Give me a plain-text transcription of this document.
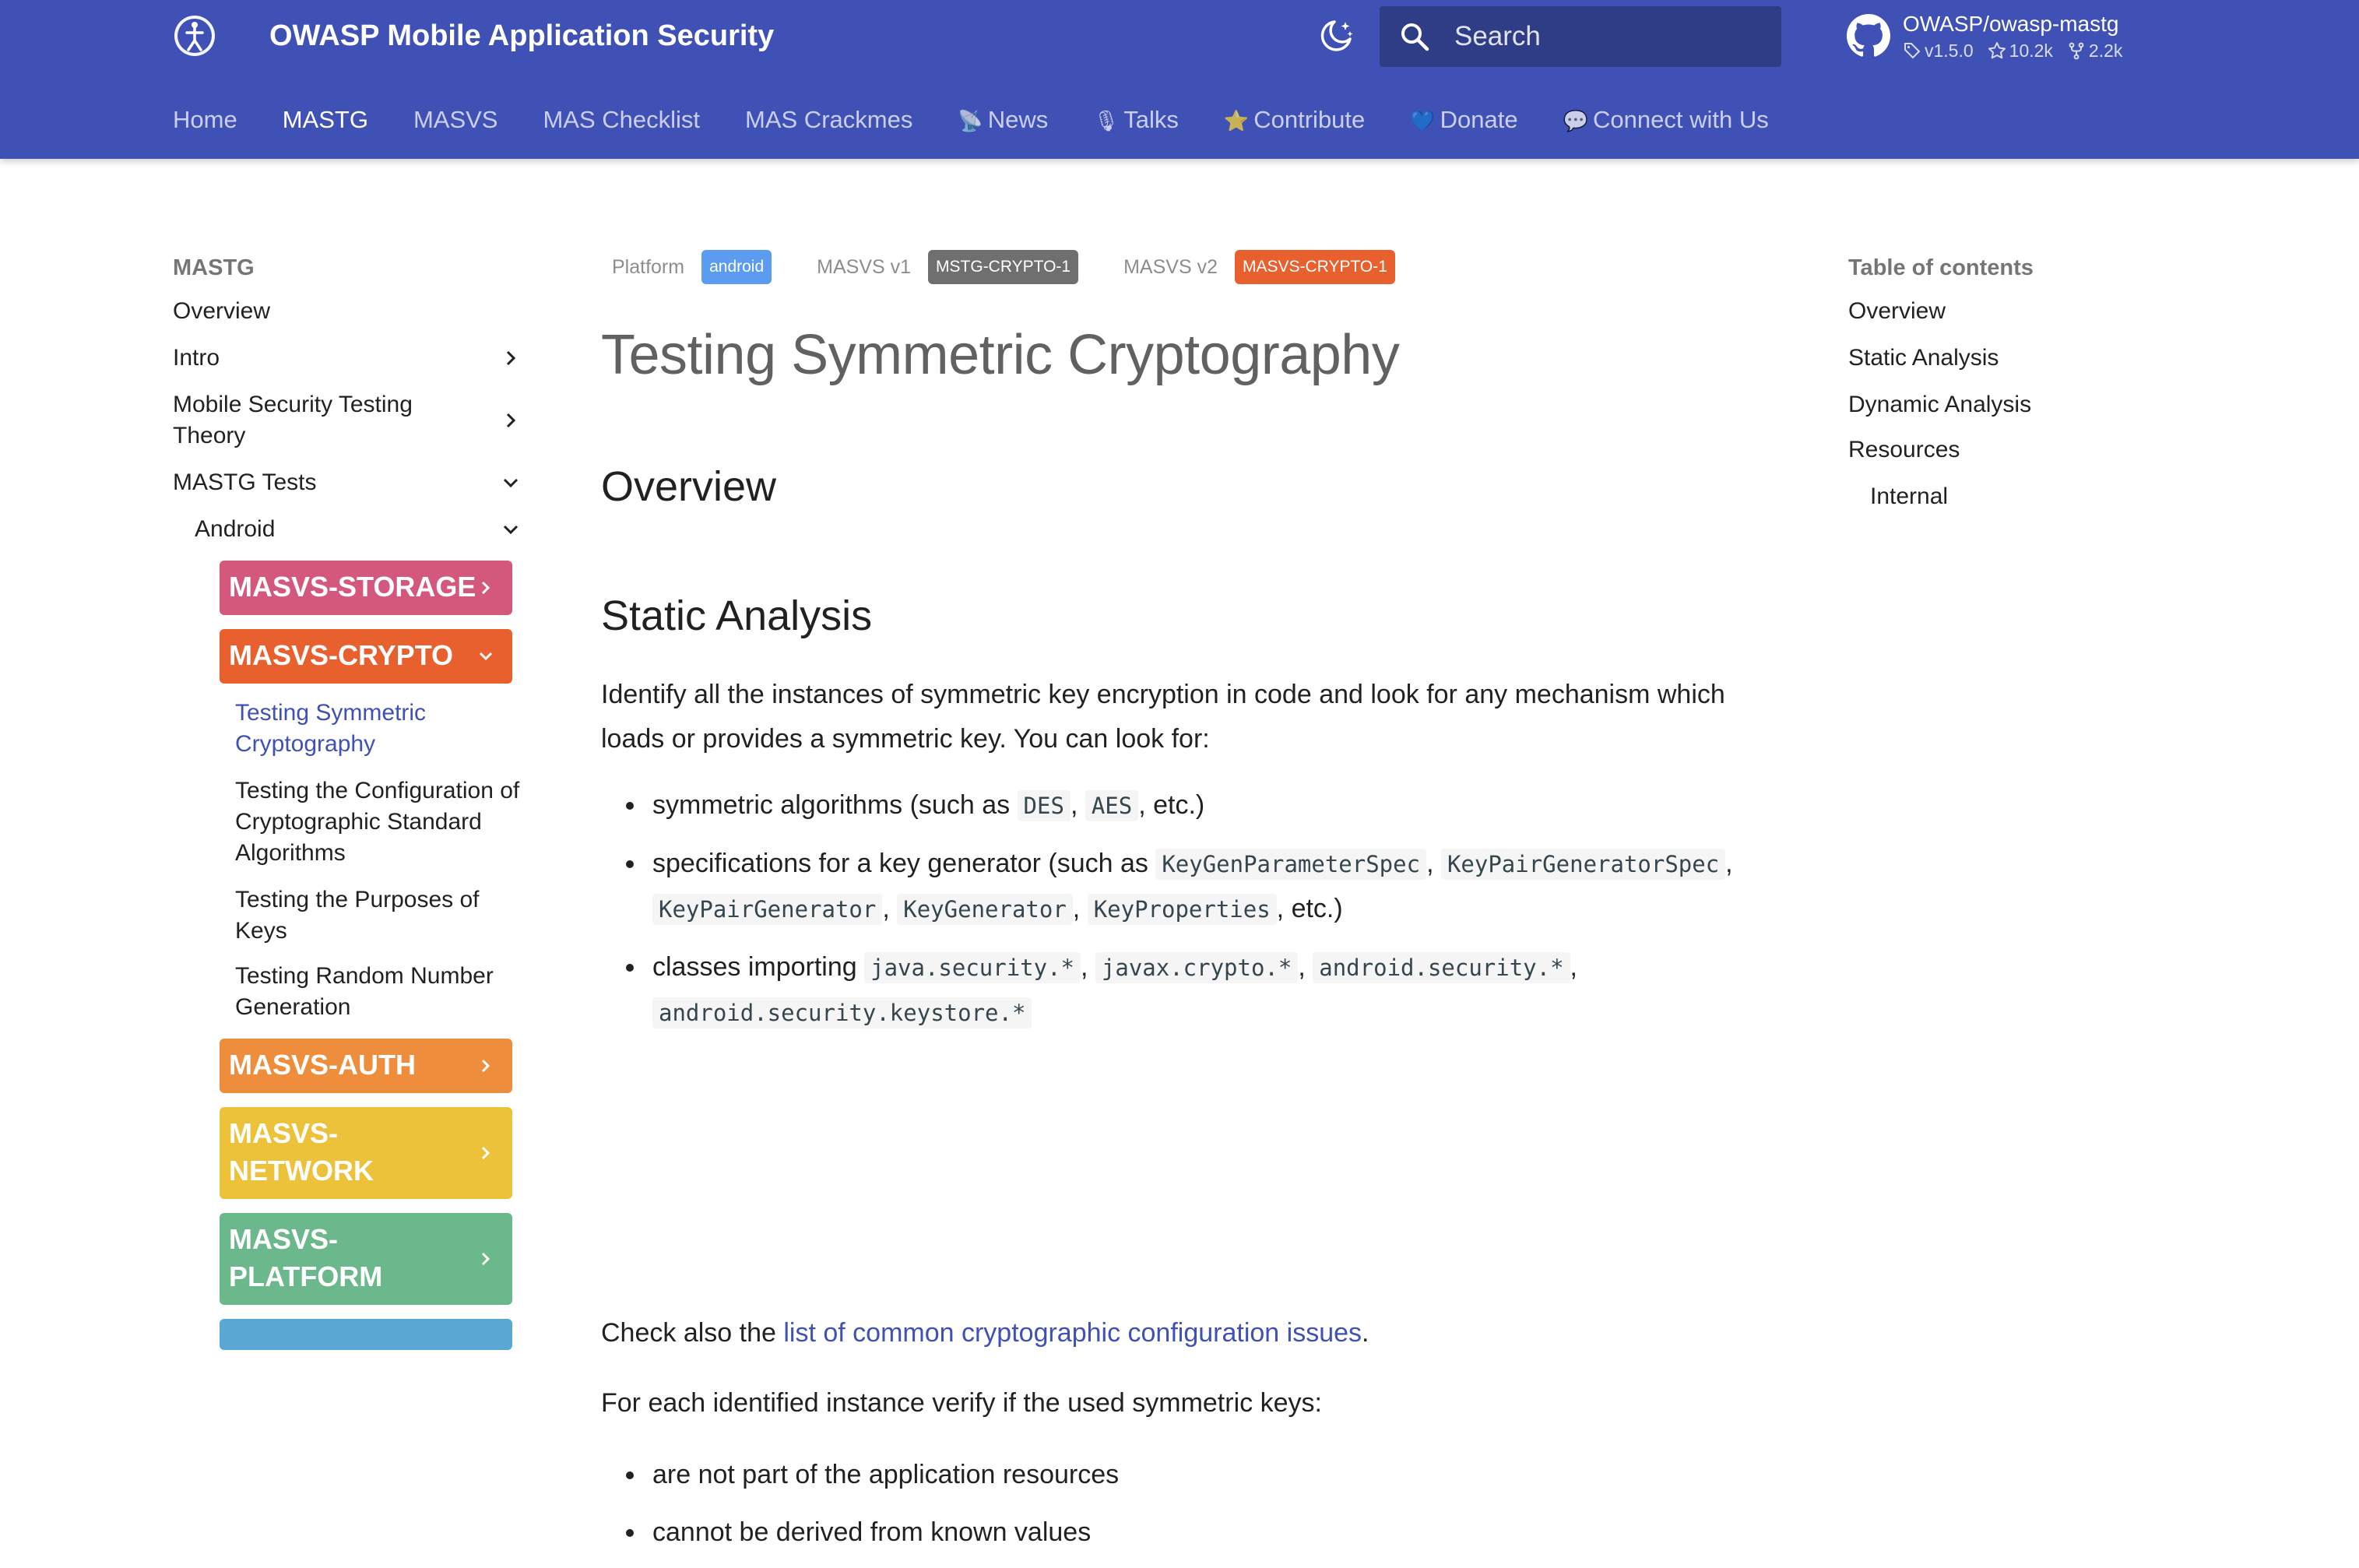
OWASP Mobile Application Security
Search	OWASP/owasp-mastg
v1.5.0 10.2k 2.2k
Home MASTG MASVS MAS Checklist MAS Crackmes 📡 News 🎙 Talks ⭐ Contribute 💙 Donate 💬 Connect with Us
MASTG
Overview
Intro
Mobile Security Testing Theory
MASTG Tests
Android
MASVS-STORAGE
MASVS-CRYPTO
Testing Symmetric Cryptography
Testing the Configuration of Cryptographic Standard Algorithms
Testing the Purposes of Keys
Testing Random Number Generation
MASVS-AUTH
MASVS-NETWORK
MASVS-PLATFORM
Platform	android	MASVS v1	MSTG-CRYPTO-1	MASVS v2	MASVS-CRYPTO-1
Testing Symmetric Cryptography
Overview
Static Analysis

Identify all the instances of symmetric key encryption in code and look for any mechanism which loads or provides a symmetric key. You can look for:

symmetric algorithms (such as DES , AES , etc.)
specifications for a key generator (such as KeyGenParameterSpec , KeyPairGeneratorSpec , KeyPairGenerator , KeyGenerator , KeyProperties , etc.)
classes importing java.security.* , javax.crypto.* , android.security.* , android.security.keystore.*

Check also the list of common cryptographic configuration issues.

For each identified instance verify if the used symmetric keys:

are not part of the application resources
cannot be derived from known values
Table of contents
Overview
Static Analysis
Dynamic Analysis
Resources
Internal
